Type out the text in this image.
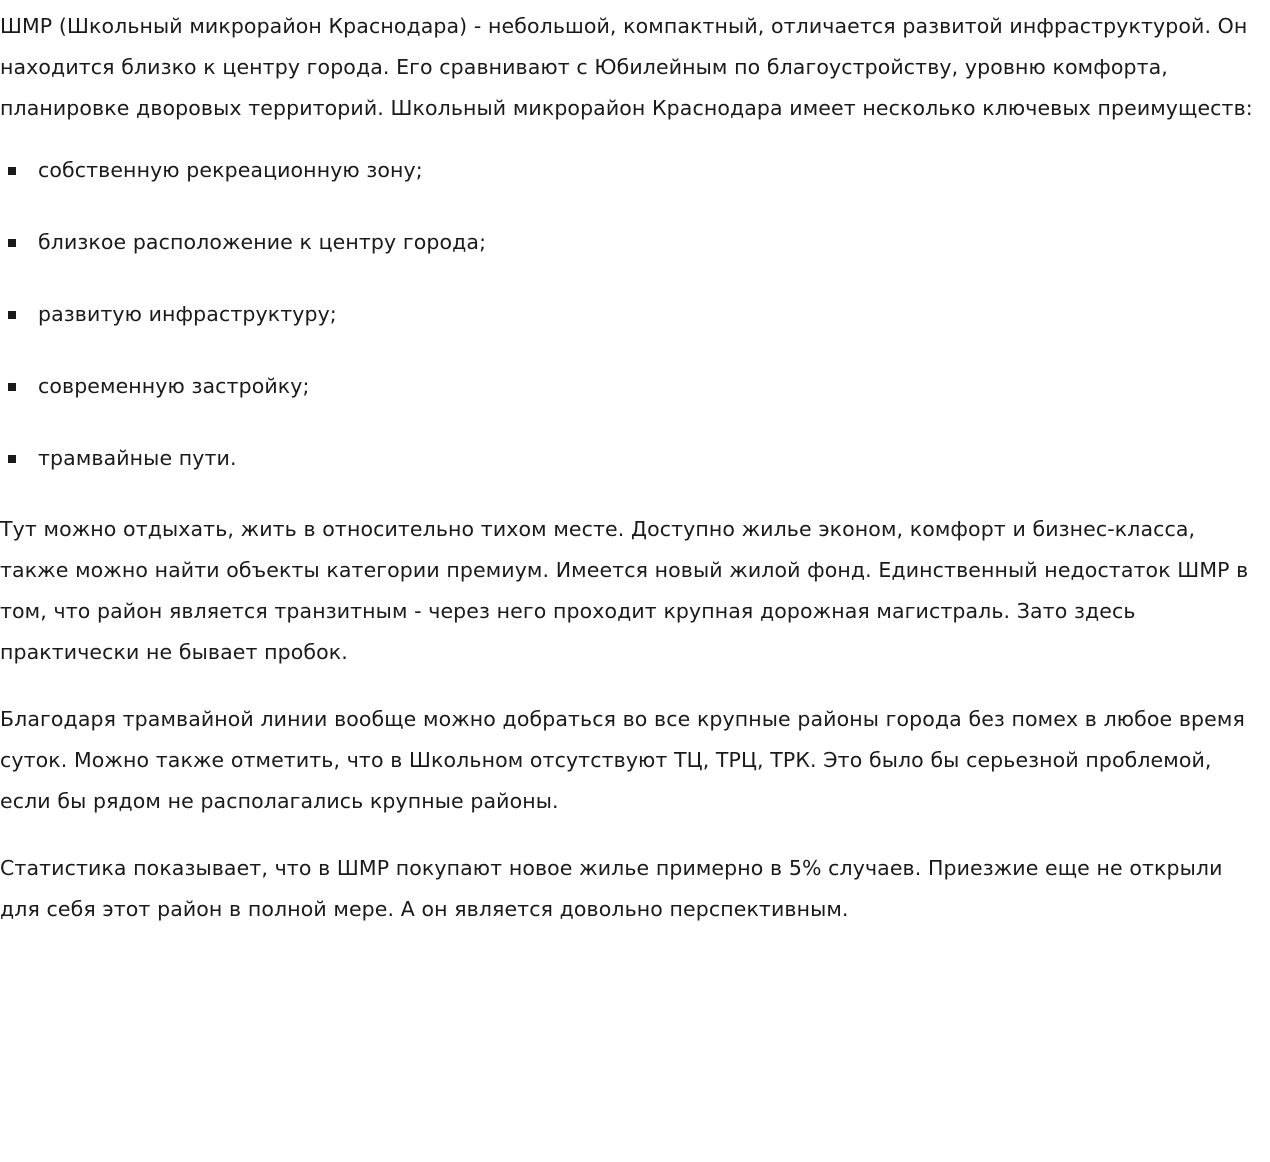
ШМР (Школьный микрорайон Краснодара) - небольшой, компактный, отличается развитой инфраструктурой. Он находится близко к центру города. Его сравнивают с Юбилейным по благоустройству, уровню комфорта, планировке дворовых территорий. Школьный микрорайон Краснодара имеет несколько ключевых преимуществ:

собственную рекреационную зону;
близкое расположение к центру города;
развитую инфраструктуру;
современную застройку;
трамвайные пути.

Тут можно отдыхать, жить в относительно тихом месте. Доступно жилье эконом, комфорт и бизнес-класса, также можно найти объекты категории премиум. Имеется новый жилой фонд. Единственный недостаток ШМР в том, что район является транзитным - через него проходит крупная дорожная магистраль. Зато здесь практически не бывает пробок.

Благодаря трамвайной линии вообще можно добраться во все крупные районы города без помех в любое время суток. Можно также отметить, что в Школьном отсутствуют ТЦ, ТРЦ, ТРК. Это было бы серьезной проблемой, если бы рядом не располагались крупные районы.

Статистика показывает, что в ШМР покупают новое жилье примерно в 5% случаев. Приезжие еще не открыли для себя этот район в полной мере. А он является довольно перспективным.
